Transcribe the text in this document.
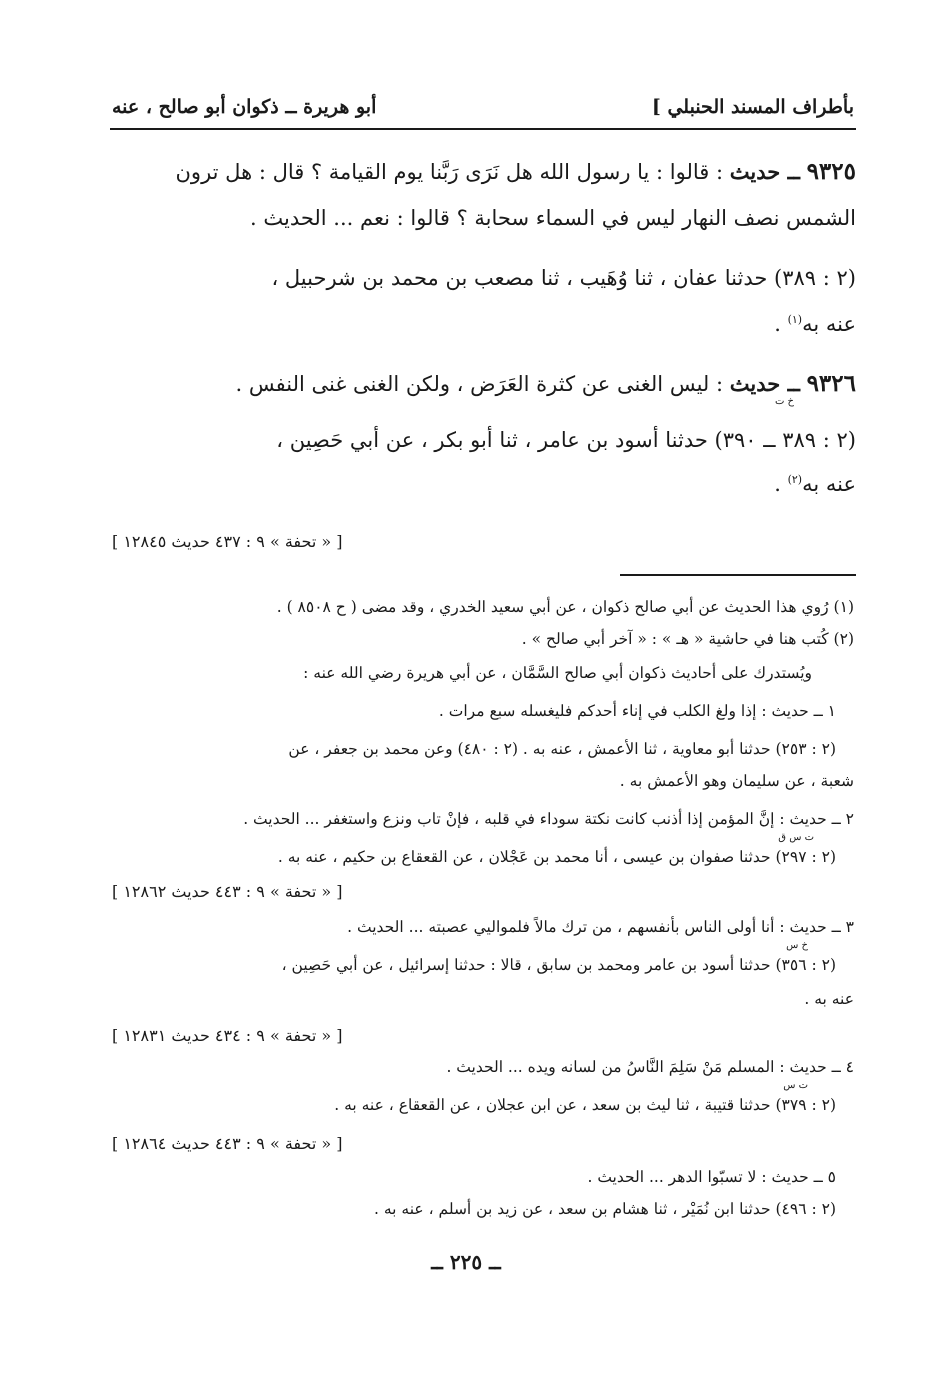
بأطراف المسند الحنبلي ]
أبو هريرة ــ ذكوان أبو صالح ، عنه
٩٣٢٥ ــ حديث : قالوا : يا رسول الله هل نَرَى رَبَّنا يوم القيامة ؟ قال : هل ترون
الشمس نصف النهار ليس في السماء سحابة ؟ قالوا : نعم ... الحديث .
(٢ : ٣٨٩) حدثنا عفان ، ثنا وُهَيب ، ثنا مصعب بن محمد بن شرحبيل ،
عنه به$^{(١)}$ .
٩٣٢٦ ــ حديث : ليس الغنى عن كثرة العَرَض ، ولكن الغنى غنى النفس .
خ ت
(٢ : ٣٨٩ ــ ٣٩٠) حدثنا أسود بن عامر ، ثنا أبو بكر ، عن أبي حَصِين ،
عنه به$^{(٢)}$ .
[ « تحفة » ٩ : ٤٣٧ حديث ١٢٨٤٥ ]
(١) رُوي هذا الحديث عن أبي صالح ذكوان ، عن أبي سعيد الخدري ، وقد مضى ( ح ٨٥٠٨ ) .
(٢) كُتب هنا في حاشية « هـ » : « آخر أبي صالح » .
ويُستدرك على أحاديث ذكوان أبي صالح السَّمَّان ، عن أبي هريرة رضي الله عنه :
١ ــ حديث : إذا ولغ الكلب في إناء أحدكم فليغسله سبع مرات .
(٢ : ٢٥٣) حدثنا أبو معاوية ، ثنا الأعمش ، عنه به . (٢ : ٤٨٠) وعن محمد بن جعفر ، عن
شعبة ، عن سليمان وهو الأعمش به .
٢ ــ حديث : إنَّ المؤمن إذا أذنب كانت نكتة سوداء في قلبه ، فإنْ تاب ونزع واستغفر ... الحديث .
ت س ق
(٢ : ٢٩٧) حدثنا صفوان بن عيسى ، أنا محمد بن عَجْلان ، عن القعقاع بن حكيم ، عنه به .
[ « تحفة » ٩ : ٤٤٣ حديث ١٢٨٦٢ ]
٣ ــ حديث : أنا أولى الناس بأنفسهم ، من ترك مالاً فلمواليي عصبته ... الحديث .
خ س
(٢ : ٣٥٦) حدثنا أسود بن عامر ومحمد بن سابق ، قالا : حدثنا إسرائيل ، عن أبي حَصِين ،
عنه به .
[ « تحفة » ٩ : ٤٣٤ حديث ١٢٨٣١ ]
٤ ــ حديث : المسلم مَنْ سَلِمَ النَّاسُ من لسانه ويده ... الحديث .
ت س
(٢ : ٣٧٩) حدثنا قتيبة ، ثنا ليث بن سعد ، عن ابن عجلان ، عن القعقاع ، عنه به .
[ « تحفة » ٩ : ٤٤٣ حديث ١٢٨٦٤ ]
٥ ــ حديث : لا تسبّوا الدهر ... الحديث .
(٢ : ٤٩٦) حدثنا ابن نُمَيْر ، ثنا هشام بن سعد ، عن زيد بن أسلم ، عنه به .
ــ ٢٢٥ ــ
